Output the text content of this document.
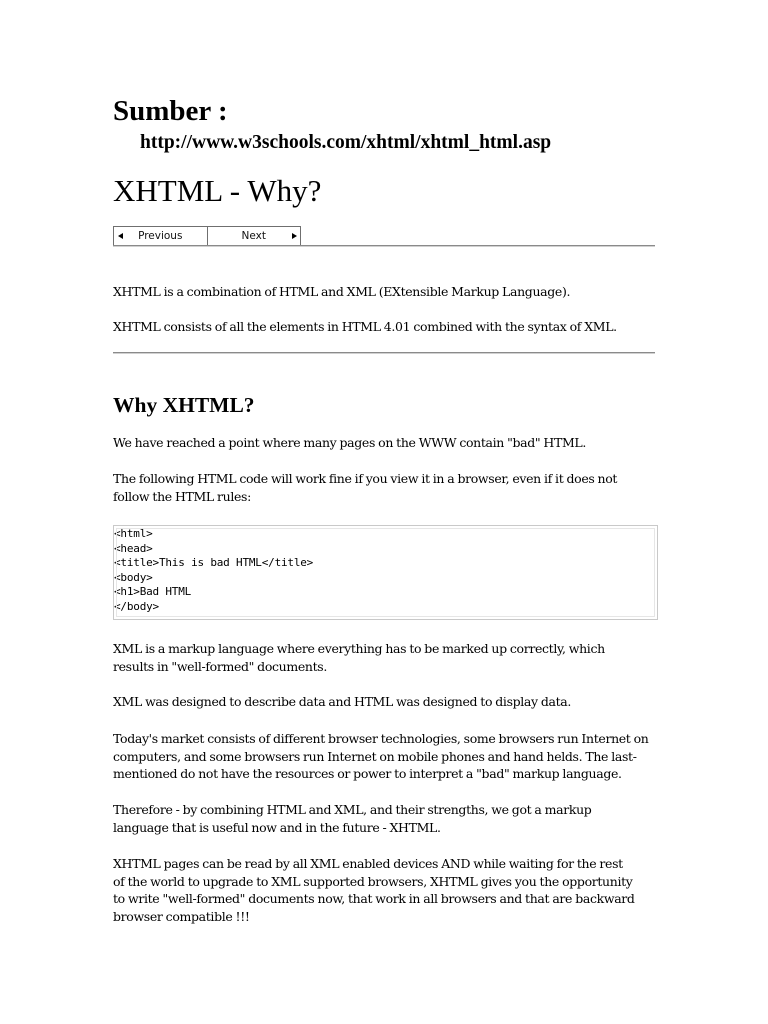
Sumber :
http://www.w3schools.com/xhtml/xhtml_html.asp
XHTML - Why?
Previous	Next

XHTML is a combination of HTML and XML (EXtensible Markup Language).

XHTML consists of all the elements in HTML 4.01 combined with the syntax of XML.

Why XHTML?

We have reached a point where many pages on the WWW contain "bad" HTML.

The following HTML code will work fine if you view it in a browser, even if it does not
follow the HTML rules:
<html>
<head>
<title>This is bad HTML</title>
<body>
<h1>Bad HTML
</body>
XML is a markup language where everything has to be marked up correctly, which
results in "well-formed" documents.

XML was designed to describe data and HTML was designed to display data.

Today's market consists of different browser technologies, some browsers run Internet on
computers, and some browsers run Internet on mobile phones and hand helds. The last-
mentioned do not have the resources or power to interpret a "bad" markup language.
Therefore - by combining HTML and XML, and their strengths, we got a markup
language that is useful now and in the future - XHTML.
XHTML pages can be read by all XML enabled devices AND while waiting for the rest
of the world to upgrade to XML supported browsers, XHTML gives you the opportunity
to write "well-formed" documents now, that work in all browsers and that are backward
browser compatible !!!
